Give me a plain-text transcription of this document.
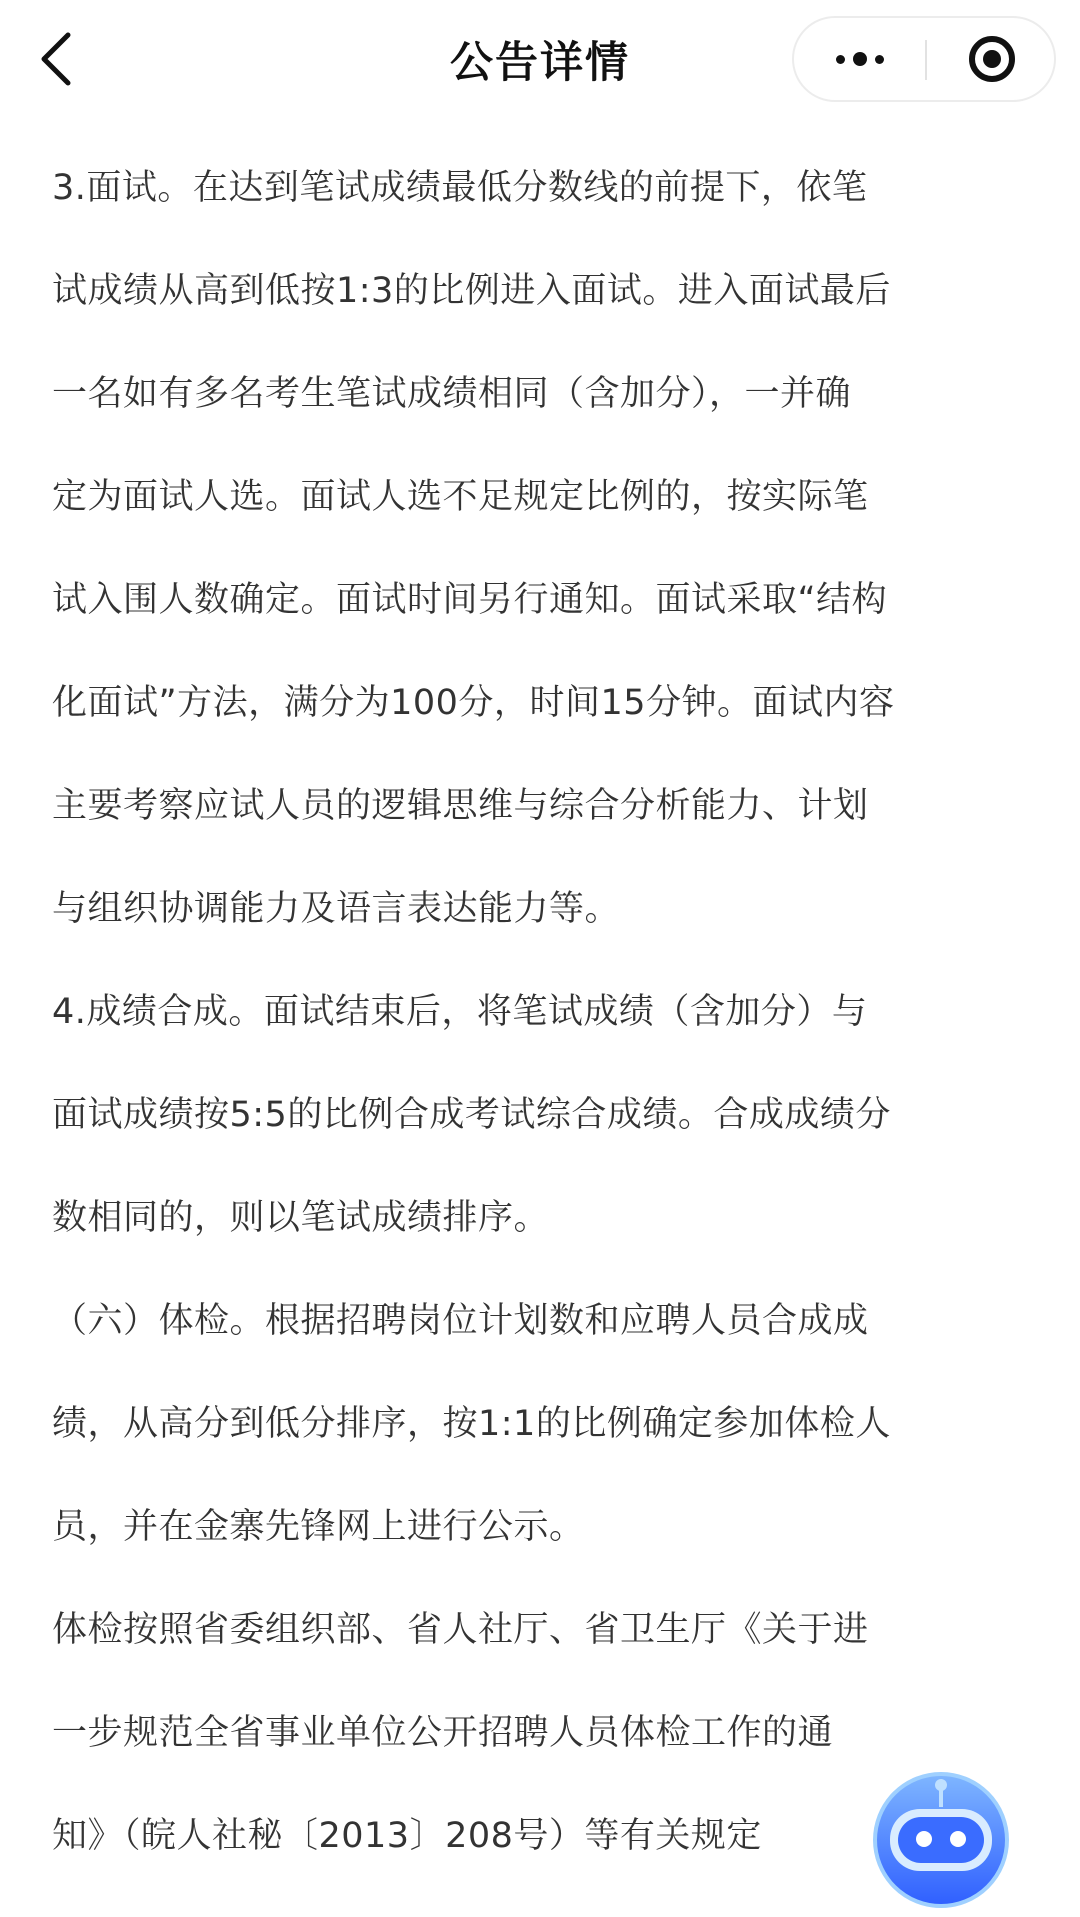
公告详情
3.面试。在达到笔试成绩最低分数线的前提下，依笔
试成绩从高到低按1:3的比例进入面试。进入面试最后
一名如有多名考生笔试成绩相同（含加分），一并确
定为面试人选。面试人选不足规定比例的，按实际笔
试入围人数确定。面试时间另行通知。面试采取“结构
化面试”方法，满分为100分，时间15分钟。面试内容
主要考察应试人员的逻辑思维与综合分析能力、计划
与组织协调能力及语言表达能力等。
4.成绩合成。面试结束后，将笔试成绩（含加分）与
面试成绩按5:5的比例合成考试综合成绩。合成成绩分
数相同的，则以笔试成绩排序。
（六）体检。根据招聘岗位计划数和应聘人员合成成
绩，从高分到低分排序，按1:1的比例确定参加体检人
员，并在金寨先锋网上进行公示。
体检按照省委组织部、省人社厅、省卫生厅《关于进
一步规范全省事业单位公开招聘人员体检工作的通
知》（皖人社秘〔2013〕208号）等有关规定
